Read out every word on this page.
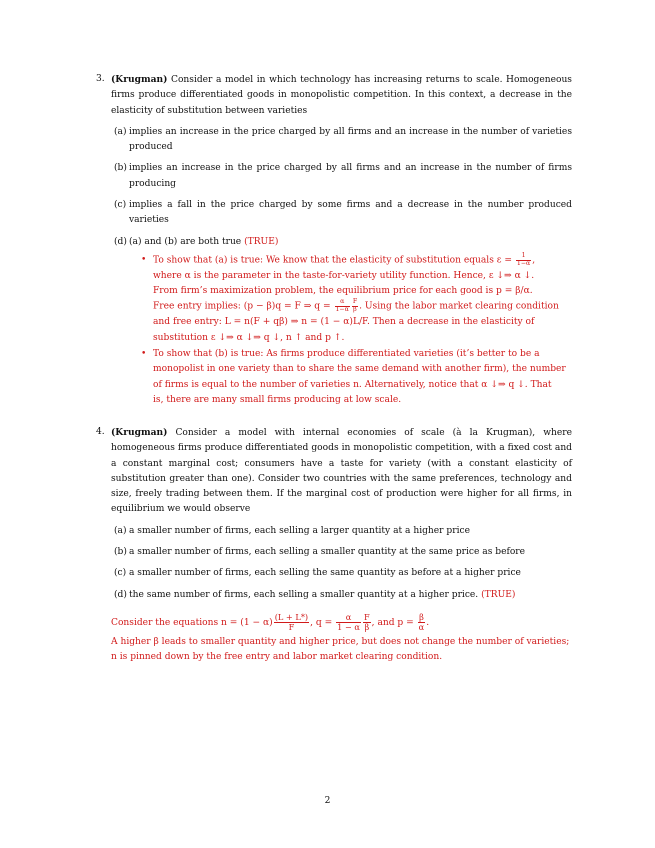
3. (Krugman) Consider a model in which technology has increasing returns to scale. Homogeneous firms produce differentiated goods in monopolistic competition. In this context, a decrease in the elasticity of substitution between varieties
(a) implies an increase in the price charged by all firms and an increase in the number of varieties produced
(b) implies an increase in the price charged by all firms and an increase in the number of firms producing
(c) implies a fall in the price charged by some firms and a decrease in the number produced varieties
(d) (a) and (b) are both true (TRUE)
• To show that (a) is true: We know that the elasticity of substitution equals $\varepsilon = \frac{1}{1-\alpha}$ ,
where α is the parameter in the taste-for-variety utility function. Hence, ε ↓⇒ α ↓.
From firm’s maximization problem, the equilibrium price for each good is p = β/α.
Free entry implies: (p − β)q = F ⇒ $q = \frac{\alpha}{1-\alpha} \frac{F}{\beta}$ . Using the labor market clearing condition
and free entry: L = n(F + qβ) ⇒ n = (1 − α)L/F. Then a decrease in the elasticity of
substitution ε ↓⇒ α ↓⇒ q ↓, n ↑ and p ↑.
• To show that (b) is true: As firms produce differentiated varieties (it’s better to be a
monopolist in one variety than to share the same demand with another firm), the number
of firms is equal to the number of varieties n. Alternatively, notice that α ↓⇒ q ↓. That
is, there are many small firms producing at low scale.
4. (Krugman) Consider a model with internal economies of scale (à la Krugman), where homogeneous firms produce differentiated goods in monopolistic competition, with a fixed cost and a constant marginal cost; consumers have a taste for variety (with a constant elasticity of substitution greater than one). Consider two countries with the same preferences, technology and size, freely trading between them. If the marginal cost of production were higher for all firms, in equilibrium we would observe
(a) a smaller number of firms, each selling a larger quantity at a higher price
(b) a smaller number of firms, each selling a smaller quantity at the same price as before
(c) a smaller number of firms, each selling the same quantity as before at a higher price
(d) the same number of firms, each selling a smaller quantity at a higher price. (TRUE)
Consider the equations $n = (1 - \alpha) \frac{(L + L*)}{F}$ , $q = \frac{\alpha}{1 - \alpha} \frac{F}{\beta}$ , and $p = \frac{\beta}{\alpha}$ .
A higher β leads to smaller quantity and higher price, but does not change the number of varieties;
n is pinned down by the free entry and labor market clearing condition.
2
